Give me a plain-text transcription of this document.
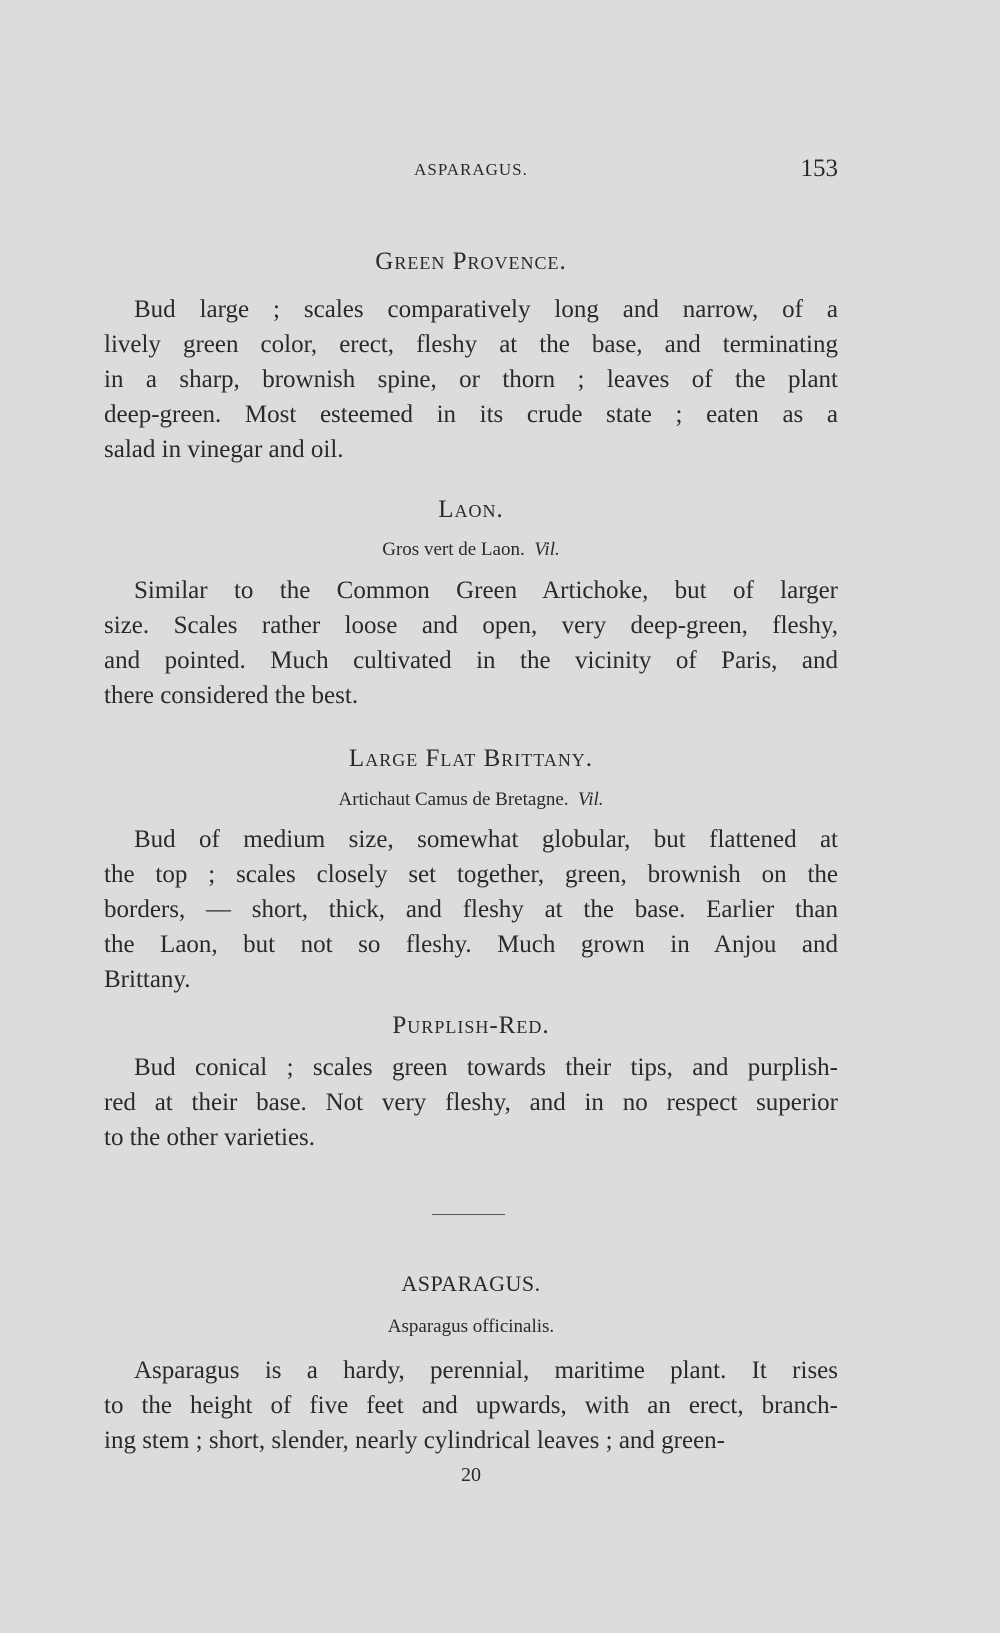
ASPARAGUS.	153
Green Provence.
Bud large ; scales comparatively long and narrow, of a
lively green color, erect, fleshy at the base, and terminating
in a sharp, brownish spine, or thorn ; leaves of the plant
deep-green. Most esteemed in its crude state ; eaten as a
salad in vinegar and oil.
Laon.
Gros vert de Laon. Vil.
Similar to the Common Green Artichoke, but of larger
size. Scales rather loose and open, very deep-green, fleshy,
and pointed. Much cultivated in the vicinity of Paris, and
there considered the best.
Large Flat Brittany.
Artichaut Camus de Bretagne. Vil.
Bud of medium size, somewhat globular, but flattened at
the top ; scales closely set together, green, brownish on the
borders, — short, thick, and fleshy at the base. Earlier than
the Laon, but not so fleshy. Much grown in Anjou and
Brittany.
Purplish-Red.
Bud conical ; scales green towards their tips, and purplish-
red at their base. Not very fleshy, and in no respect superior
to the other varieties.
ASPARAGUS.
Asparagus officinalis.
Asparagus is a hardy, perennial, maritime plant. It rises
to the height of five feet and upwards, with an erect, branch-
ing stem ; short, slender, nearly cylindrical leaves ; and green-
20
